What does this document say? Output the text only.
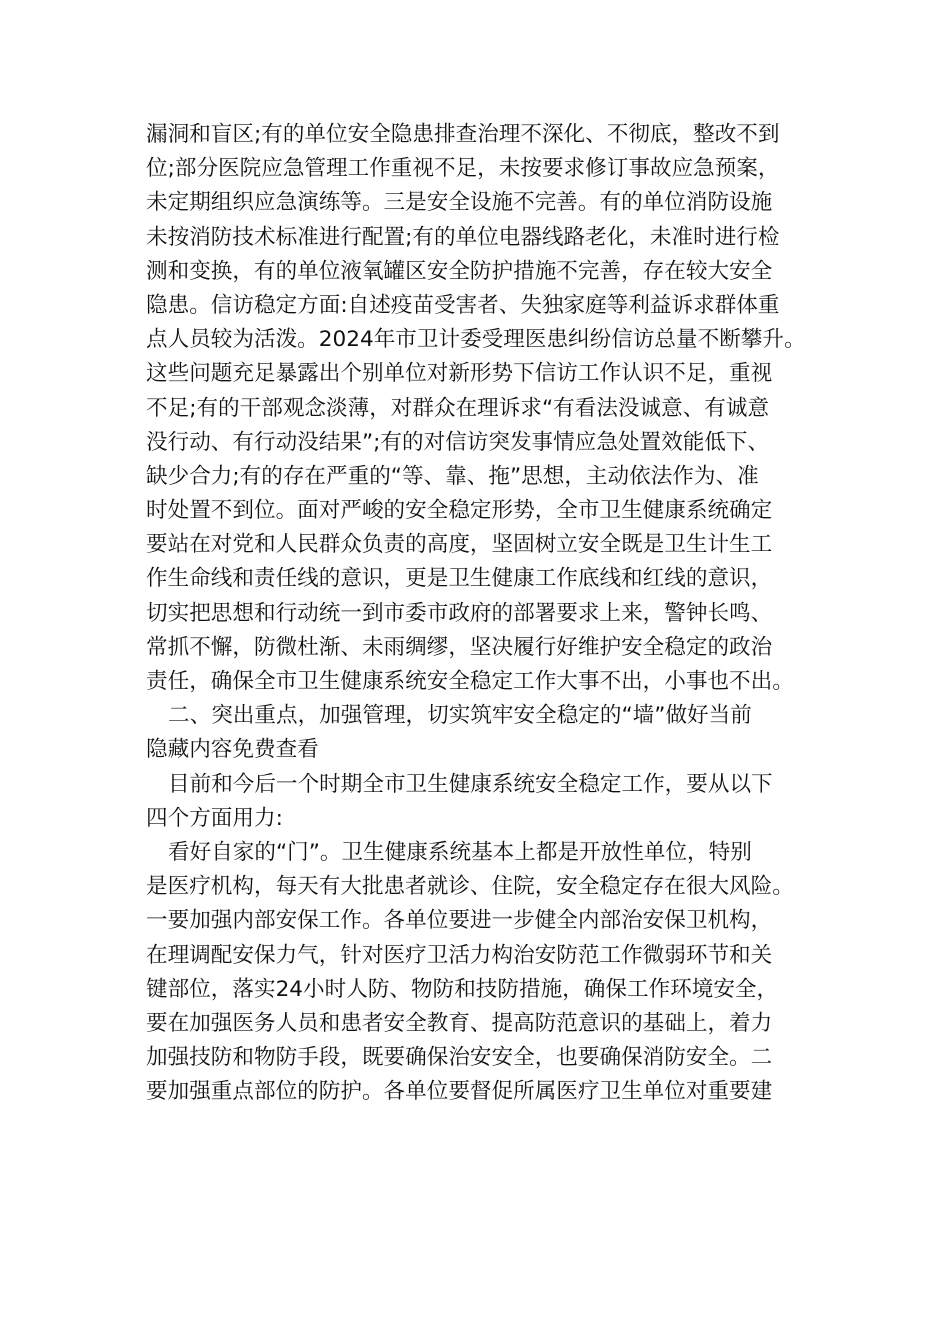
漏洞和盲区;有的单位安全隐患排查治理不深化、不彻底，整改不到
位;部分医院应急管理工作重视不足，未按要求修订事故应急预案，
未定期组织应急演练等。三是安全设施不完善。有的单位消防设施
未按消防技术标准进行配置;有的单位电器线路老化，未准时进行检
测和变换，有的单位液氧罐区安全防护措施不完善，存在较大安全
隐患。信访稳定方面:自述疫苗受害者、失独家庭等利益诉求群体重
点人员较为活泼。2024年市卫计委受理医患纠纷信访总量不断攀升。
这些问题充足暴露出个别单位对新形势下信访工作认识不足，重视
不足;有的干部观念淡薄，对群众在理诉求“有看法没诚意、有诚意
没行动、有行动没结果”;有的对信访突发事情应急处置效能低下、
缺少合力;有的存在严重的“等、靠、拖”思想，主动依法作为、准
时处置不到位。面对严峻的安全稳定形势，全市卫生健康系统确定
要站在对党和人民群众负责的高度，坚固树立安全既是卫生计生工
作生命线和责任线的意识，更是卫生健康工作底线和红线的意识，
切实把思想和行动统一到市委市政府的部署要求上来，警钟长鸣、
常抓不懈，防微杜渐、未雨绸缪，坚决履行好维护安全稳定的政治
责任，确保全市卫生健康系统安全稳定工作大事不出，小事也不出。
二、突出重点，加强管理，切实筑牢安全稳定的“墙”做好当前
隐藏内容免费查看
目前和今后一个时期全市卫生健康系统安全稳定工作，要从以下
四个方面用力:
看好自家的“门”。卫生健康系统基本上都是开放性单位，特别
是医疗机构，每天有大批患者就诊、住院，安全稳定存在很大风险。
一要加强内部安保工作。各单位要进一步健全内部治安保卫机构，
在理调配安保力气，针对医疗卫活力构治安防范工作微弱环节和关
键部位，落实24小时人防、物防和技防措施，确保工作环境安全，
要在加强医务人员和患者安全教育、提高防范意识的基础上，着力
加强技防和物防手段，既要确保治安安全，也要确保消防安全。二
要加强重点部位的防护。各单位要督促所属医疗卫生单位对重要建
